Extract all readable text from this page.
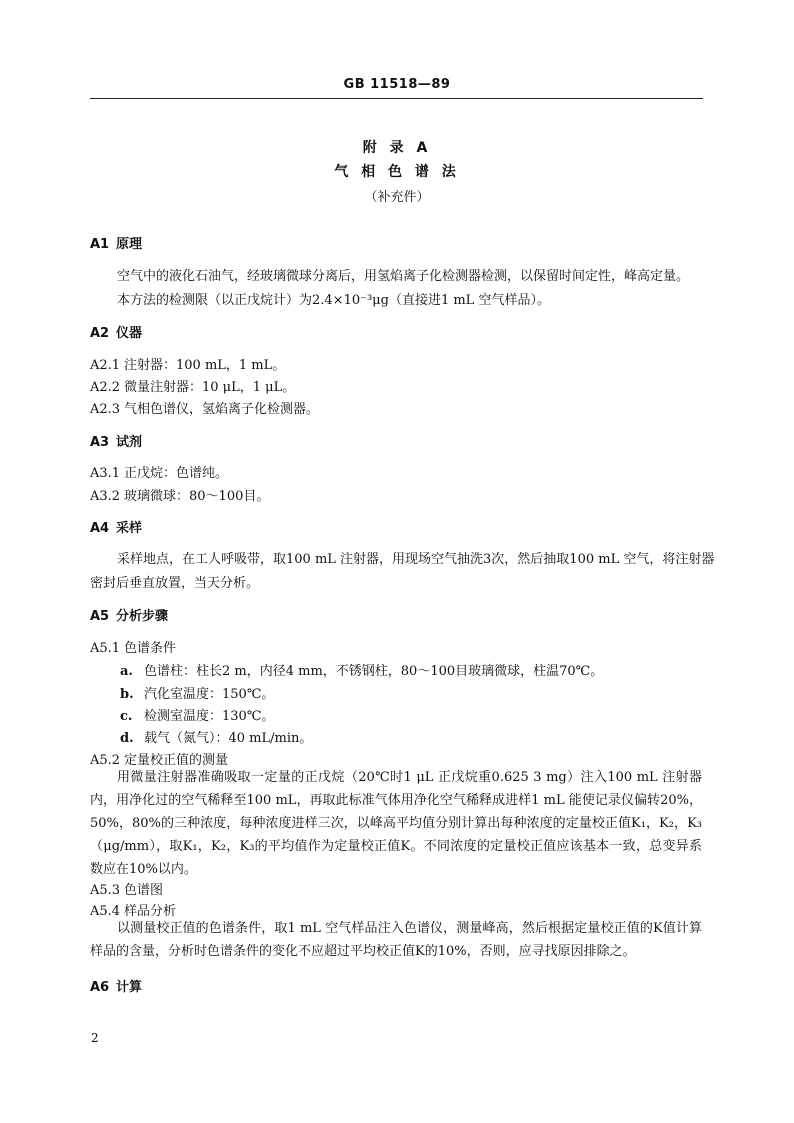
GB 11518—89
附 录 A
气 相 色 谱 法
（补充件）
A1 原理
空气中的液化石油气，经玻璃微球分离后，用氢焰离子化检测器检测，以保留时间定性，峰高定量。
本方法的检测限（以正戊烷计）为2.4×10⁻³μg（直接进1 mL 空气样品）。
A2 仪器
A2.1 注射器：100 mL，1 mL。
A2.2 微量注射器：10 μL，1 μL。
A2.3 气相色谱仪，氢焰离子化检测器。
A3 试剂
A3.1 正戊烷：色谱纯。
A3.2 玻璃微球：80～100目。
A4 采样
采样地点，在工人呼吸带，取100 mL 注射器，用现场空气抽洗3次，然后抽取100 mL 空气，将注射器
密封后垂直放置，当天分析。
A5 分析步骤
A5.1 色谱条件
a. 色谱柱：柱长2 m，内径4 mm，不锈钢柱，80～100目玻璃微球，柱温70℃。
b. 汽化室温度：150℃。
c. 检测室温度：130℃。
d. 载气（氮气）：40 mL/min。
A5.2 定量校正值的测量

用微量注射器准确吸取一定量的正戊烷（20℃时1 μL 正戊烷重0.625 3 mg）注入100 mL 注射器内，用净化过的空气稀释至100 mL，再取此标准气体用净化空气稀释成进样1 mL 能使记录仪偏转20%，50%，80%的三种浓度，每种浓度进样三次，以峰高平均值分别计算出每种浓度的定量校正值K₁，K₂，K₃（μg/mm），取K₁，K₂，K₃的平均值作为定量校正值K。不同浓度的定量校正值应该基本一致，总变异系数应在10%以内。

A5.3 色谱图
A5.4 样品分析

以测量校正值的色谱条件，取1 mL 空气样品注入色谱仪，测量峰高，然后根据定量校正值的K值计算样品的含量，分析时色谱条件的变化不应超过平均校正值K的10%，否则，应寻找原因排除之。

A6 计算
2
